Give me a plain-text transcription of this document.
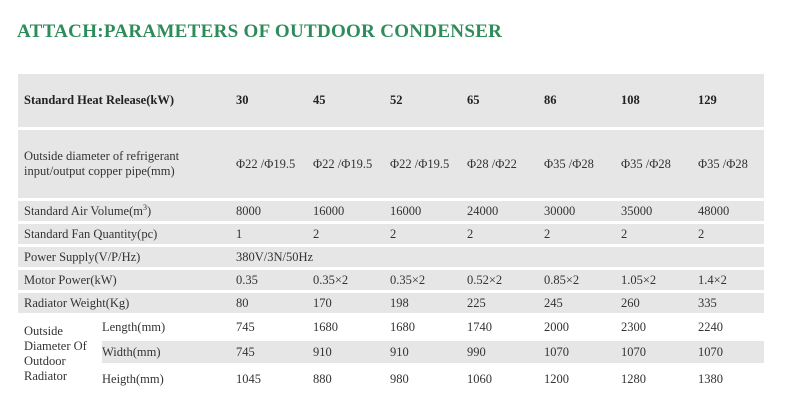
ATTACH:PARAMETERS OF OUTDOOR CONDENSER
Standard Heat Release(kW)		30	45	52	65	86	108	129

Outside diameter of refrigerant input/output copper pipe(mm)		Φ22 /Φ19.5	Φ22 /Φ19.5	Φ22 /Φ19.5	Φ28 /Φ22	Φ35 /Φ28	Φ35 /Φ28	Φ35 /Φ28

Standard Air $Volume(m^3)$		8000	16000	16000	24000	30000	35000	48000

Standard Fan Quantity(pc)		1	2	2	2	2	2	2

Power Supply(V/P/Hz)		380V/3N/50Hz						

Motor Power(kW)		0.35	0.35×2	0.35×2	0.52×2	0.85×2	1.05×2	1.4×2

Radiator Weight(Kg)		80	170	198	225	245	260	335

Outside Diameter Of Outdoor Radiator	Length(mm)	745	1680	1680	1740	2000	2300	2240

	Width(mm)	745	910	910	990	1070	1070	1070

	Heigth(mm)	1045	880	980	1060	1200	1280	1380
